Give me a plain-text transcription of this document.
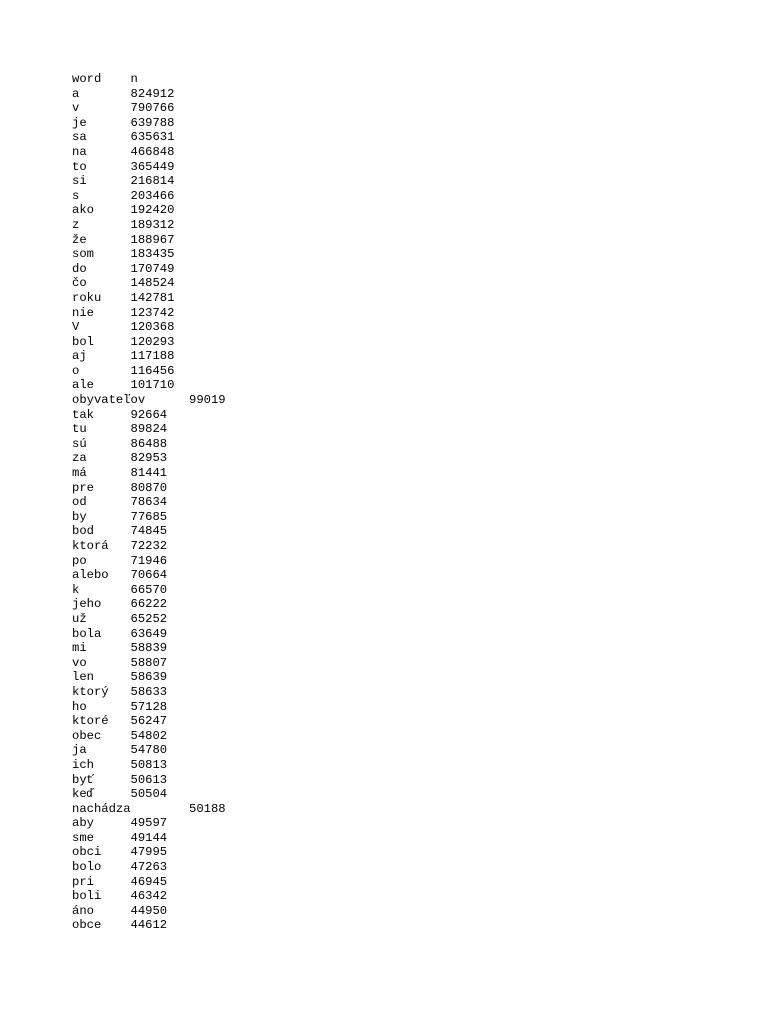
word	n
a	824912
v	790766
je	639788
sa	635631
na	466848
to	365449
si	216814
s	203466
ako	192420
z	189312
že	188967
som	183435
do	170749
čo	148524
roku	142781
nie	123742
V	120368
bol	120293
aj	117188
o	116456
ale	101710
obyvateľov	99019
tak	92664
tu	89824
sú	86488
za	82953
má	81441
pre	80870
od	78634
by	77685
bod	74845
ktorá	72232
po	71946
alebo	70664
k	66570
jeho	66222
už	65252
bola	63649
mi	58839
vo	58807
len	58639
ktorý	58633
ho	57128
ktoré	56247
obec	54802
ja	54780
ich	50813
byť	50613
keď	50504
nachádza	50188
aby	49597
sme	49144
obci	47995
bolo	47263
pri	46945
boli	46342
áno	44950
obce	44612
